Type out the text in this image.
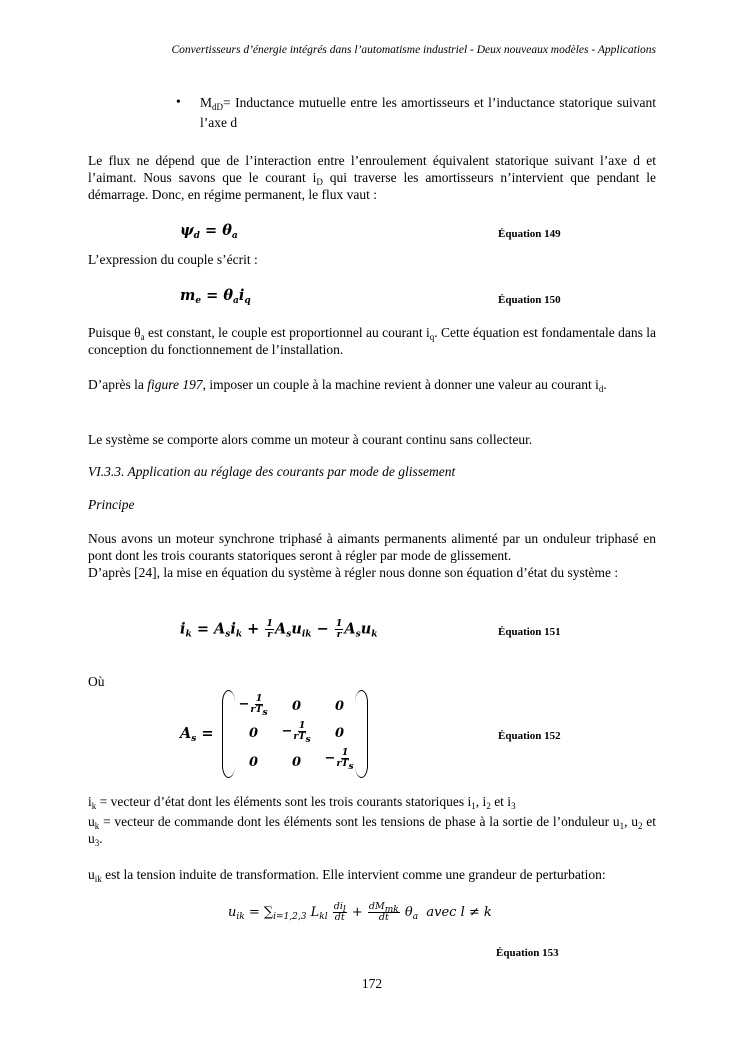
Convertisseurs d’énergie intégrés dans l’automatisme industriel - Deux nouveaux modèles - Applications
• $M_{dD}=$ Inductance mutuelle entre les amortisseurs et l’inductance statorique suivant l’axe d
Le flux ne dépend que de l’interaction entre l’enroulement équivalent statorique suivant l’axe d et l’aimant. Nous savons que le courant $i_D$ qui traverse les amortisseurs n’intervient que pendant le démarrage. Donc, en régime permanent, le flux vaut :
$\psi_d = \theta_a$	Équation 149
L’expression du couple s’écrit :
$m_e = \theta_ai_q$	Équation 150
Puisque $\theta_a$ est constant, le couple est proportionnel au courant $i_q$. Cette équation est fondamentale dans la conception du fonctionnement de l’installation.
D’après la figure 197, imposer un couple à la machine revient à donner une valeur au courant $i_d$.
Le système se comporte alors comme un moteur à courant continu sans collecteur.
VI.3.3. Application au réglage des courants par mode de glissement
Principe
Nous avons un moteur synchrone triphasé à aimants permanents alimenté par un onduleur triphasé en pont dont les trois courants statoriques seront à régler par mode de glissement.
D’après [24], la mise en équation du système à régler nous donne son équation d’état du système :
$i_k = A_si_k + \frac{1}{r} A_su_{ik} - \frac{1}{r} A_su_k$	Équation 151
Où
$A_s$ =
− $\frac{1}{rT_s}$	0	0
0	− $\frac{1}{rT_s}$	0
0	0	− $\frac{1}{rT_s}$
Équation 152
$i_k$ = vecteur d’état dont les éléments sont les trois courants statoriques $i_1$, $i_2$ et $i_3$
$u_k$ = vecteur de commande dont les éléments sont les tensions de phase à la sortie de l’onduleur $u_1$, $u_2$ et $u_3$.
$u_{ik}$ est la tension induite de transformation. Elle intervient comme une grandeur de perturbation:
$u_{ik} = \sum_{i=1,2,3}$ $L_{kl} \frac{di_l}{dt} + \frac{dM_{mk}}{dt} \theta_a$ avec l ≠ k
Équation 153
172
